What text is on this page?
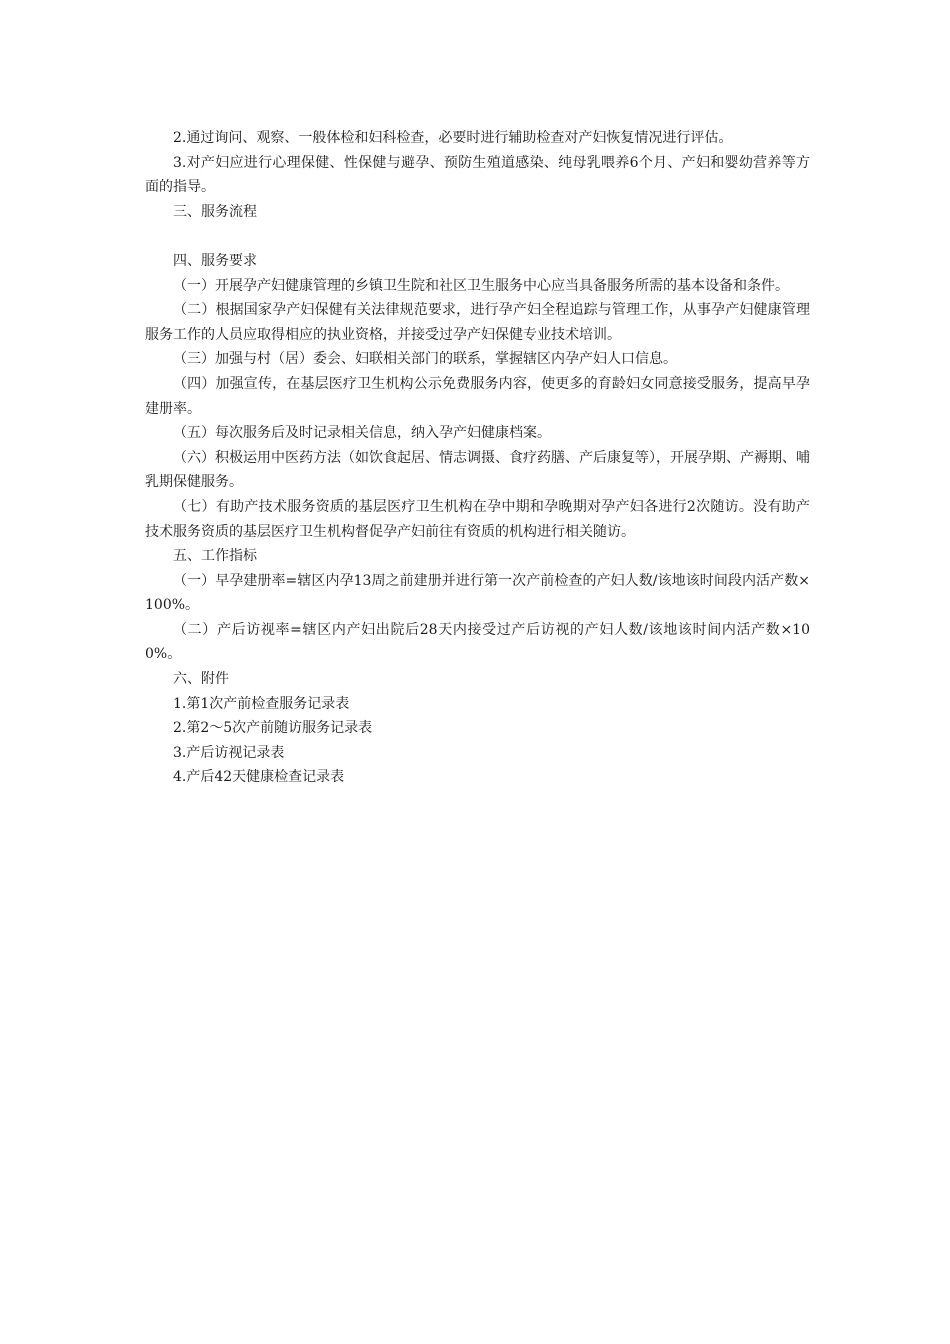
2.通过询问、观察、一般体检和妇科检查，必要时进行辅助检查对产妇恢复情况进行评估。

3.对产妇应进行心理保健、性保健与避孕、预防生殖道感染、纯母乳喂养6个月、产妇和婴幼营养等方面的指导。

三、服务流程

四、服务要求

（一）开展孕产妇健康管理的乡镇卫生院和社区卫生服务中心应当具备服务所需的基本设备和条件。

（二）根据国家孕产妇保健有关法律规范要求，进行孕产妇全程追踪与管理工作，从事孕产妇健康管理服务工作的人员应取得相应的执业资格，并接受过孕产妇保健专业技术培训。

（三）加强与村（居）委会、妇联相关部门的联系，掌握辖区内孕产妇人口信息。

（四）加强宣传，在基层医疗卫生机构公示免费服务内容，使更多的育龄妇女同意接受服务，提高早孕建册率。

（五）每次服务后及时记录相关信息，纳入孕产妇健康档案。

（六）积极运用中医药方法（如饮食起居、情志调摄、食疗药膳、产后康复等），开展孕期、产褥期、哺乳期保健服务。

（七）有助产技术服务资质的基层医疗卫生机构在孕中期和孕晚期对孕产妇各进行2次随访。没有助产技术服务资质的基层医疗卫生机构督促孕产妇前往有资质的机构进行相关随访。

五、工作指标

（一）早孕建册率=辖区内孕13周之前建册并进行第一次产前检查的产妇人数/该地该时间段内活产数×100%。

（二）产后访视率=辖区内产妇出院后28天内接受过产后访视的产妇人数/该地该时间内活产数×100%。

六、附件

1.第1次产前检查服务记录表

2.第2～5次产前随访服务记录表

3.产后访视记录表

4.产后42天健康检查记录表
